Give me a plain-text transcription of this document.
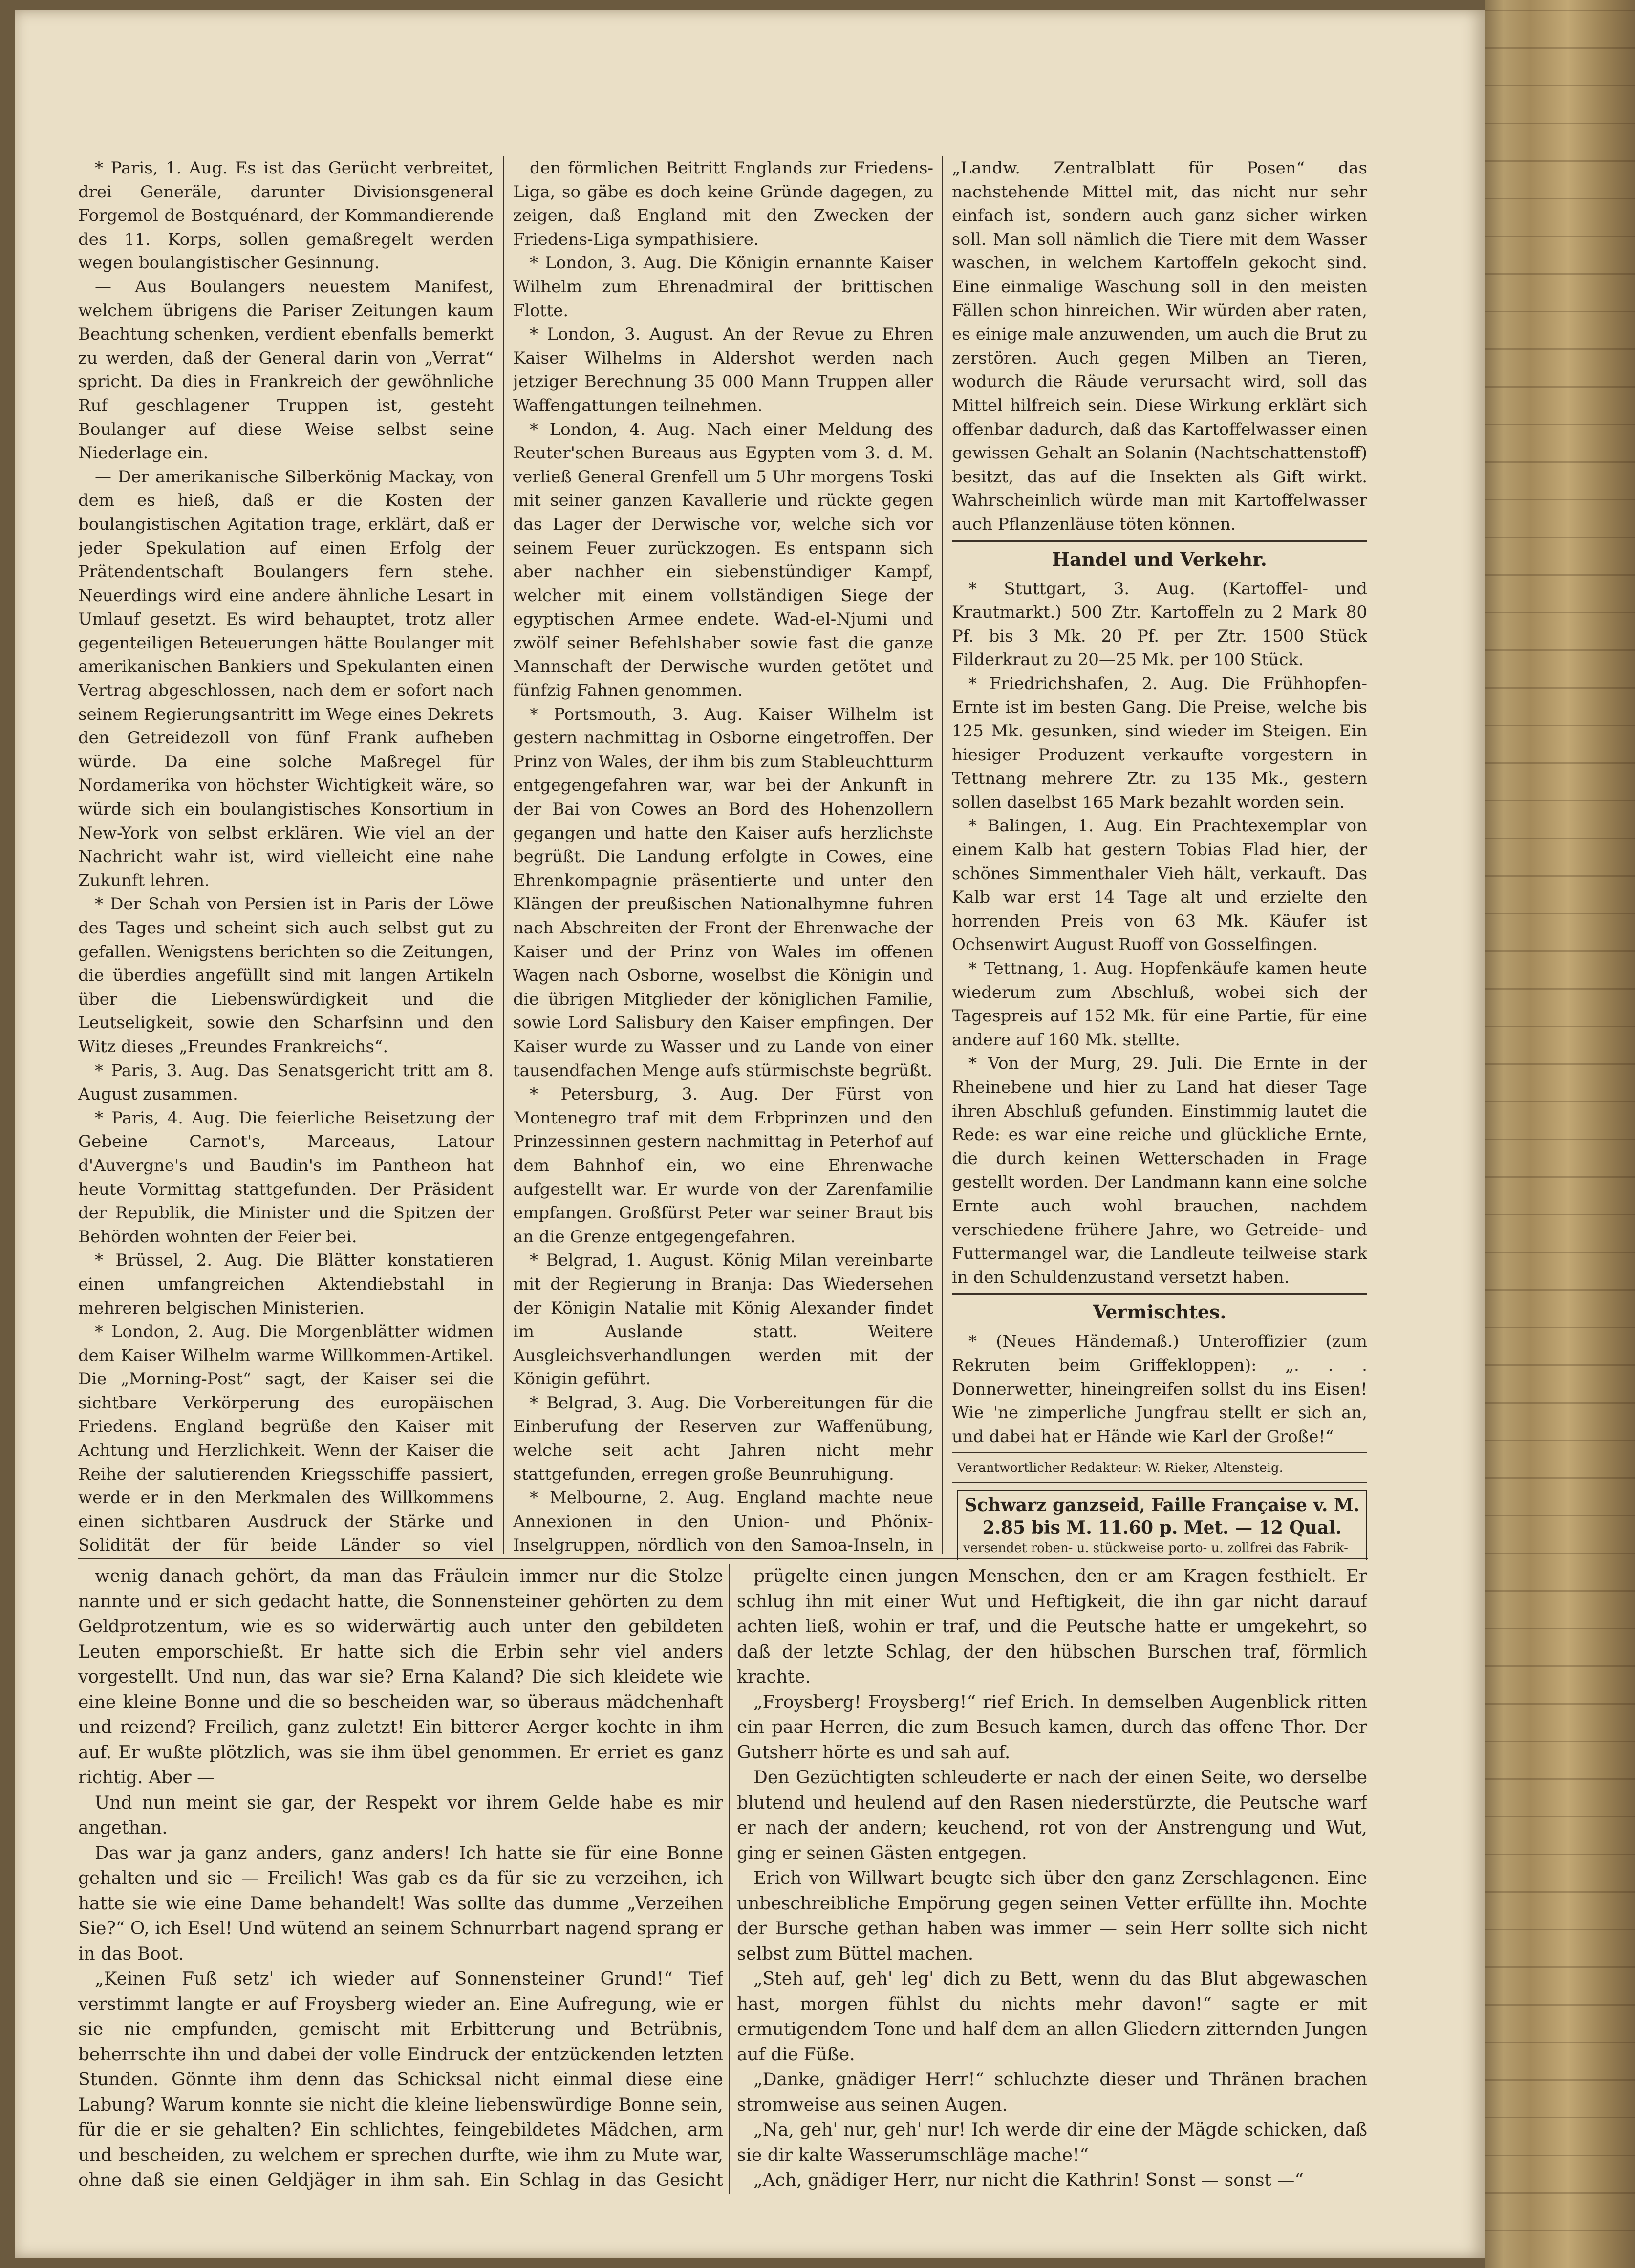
* Paris, 1. Aug. Es ist das Gerücht verbreitet, drei Generäle, darunter Divisionsgeneral Forgemol de Bostquénard, der Kommandierende des 11. Korps, sollen gemaßregelt werden wegen boulangistischer Gesinnung.

— Aus Boulangers neuestem Manifest, welchem übrigens die Pariser Zeitungen kaum Beachtung schenken, verdient ebenfalls bemerkt zu werden, daß der General darin von „Verrat“ spricht. Da dies in Frankreich der gewöhnliche Ruf geschlagener Truppen ist, gesteht Boulanger auf diese Weise selbst seine Niederlage ein.

— Der amerikanische Silberkönig Mackay, von dem es hieß, daß er die Kosten der boulangistischen Agitation trage, erklärt, daß er jeder Spekulation auf einen Erfolg der Prätendentschaft Boulangers fern stehe. Neuerdings wird eine andere ähnliche Lesart in Umlauf gesetzt. Es wird behauptet, trotz aller gegenteiligen Beteuerungen hätte Boulanger mit amerikanischen Bankiers und Spekulanten einen Vertrag abgeschlossen, nach dem er sofort nach seinem Regierungsantritt im Wege eines Dekrets den Getreidezoll von fünf Frank aufheben würde. Da eine solche Maßregel für Nordamerika von höchster Wichtigkeit wäre, so würde sich ein boulangistisches Konsortium in New-York von selbst erklären. Wie viel an der Nachricht wahr ist, wird vielleicht eine nahe Zukunft lehren.

* Der Schah von Persien ist in Paris der Löwe des Tages und scheint sich auch selbst gut zu gefallen. Wenigstens berichten so die Zeitungen, die überdies angefüllt sind mit langen Artikeln über die Liebenswürdigkeit und die Leutseligkeit, sowie den Scharfsinn und den Witz dieses „Freundes Frankreichs“.

* Paris, 3. Aug. Das Senatsgericht tritt am 8. August zusammen.

* Paris, 4. Aug. Die feierliche Beisetzung der Gebeine Carnot's, Marceaus, Latour d'Auvergne's und Baudin's im Pantheon hat heute Vormittag stattgefunden. Der Präsident der Republik, die Minister und die Spitzen der Behörden wohnten der Feier bei.

* Brüssel, 2. Aug. Die Blätter konstatieren einen umfangreichen Aktendiebstahl in mehreren belgischen Ministerien.

* London, 2. Aug. Die Morgenblätter widmen dem Kaiser Wilhelm warme Willkommen-Artikel. Die „Morning-Post“ sagt, der Kaiser sei die sichtbare Verkörperung des europäischen Friedens. England begrüße den Kaiser mit Achtung und Herzlichkeit. Wenn der Kaiser die Reihe der salutierenden Kriegsschiffe passiert, werde er in den Merkmalen des Willkommens einen sichtbaren Ausdruck der Stärke und Solidität der für beide Länder so viel

den förmlichen Beitritt Englands zur Friedens-Liga, so gäbe es doch keine Gründe dagegen, zu zeigen, daß England mit den Zwecken der Friedens-Liga sympathisiere.

* London, 3. Aug. Die Königin ernannte Kaiser Wilhelm zum Ehrenadmiral der brittischen Flotte.

* London, 3. August. An der Revue zu Ehren Kaiser Wilhelms in Aldershot werden nach jetziger Berechnung 35 000 Mann Truppen aller Waffengattungen teilnehmen.

* London, 4. Aug. Nach einer Meldung des Reuter'schen Bureaus aus Egypten vom 3. d. M. verließ General Grenfell um 5 Uhr morgens Toski mit seiner ganzen Kavallerie und rückte gegen das Lager der Derwische vor, welche sich vor seinem Feuer zurückzogen. Es entspann sich aber nachher ein siebenstündiger Kampf, welcher mit einem vollständigen Siege der egyptischen Armee endete. Wad-el-Njumi und zwölf seiner Befehlshaber sowie fast die ganze Mannschaft der Derwische wurden getötet und fünfzig Fahnen genommen.

* Portsmouth, 3. Aug. Kaiser Wilhelm ist gestern nachmittag in Osborne eingetroffen. Der Prinz von Wales, der ihm bis zum Stableuchtturm entgegengefahren war, war bei der Ankunft in der Bai von Cowes an Bord des Hohenzollern gegangen und hatte den Kaiser aufs herzlichste begrüßt. Die Landung erfolgte in Cowes, eine Ehrenkompagnie präsentierte und unter den Klängen der preußischen Nationalhymne fuhren nach Abschreiten der Front der Ehrenwache der Kaiser und der Prinz von Wales im offenen Wagen nach Osborne, woselbst die Königin und die übrigen Mitglieder der königlichen Familie, sowie Lord Salisbury den Kaiser empfingen. Der Kaiser wurde zu Wasser und zu Lande von einer tausendfachen Menge aufs stürmischste begrüßt.

* Petersburg, 3. Aug. Der Fürst von Montenegro traf mit dem Erbprinzen und den Prinzessinnen gestern nachmittag in Peterhof auf dem Bahnhof ein, wo eine Ehrenwache aufgestellt war. Er wurde von der Zarenfamilie empfangen. Großfürst Peter war seiner Braut bis an die Grenze entgegengefahren.

* Belgrad, 1. August. König Milan vereinbarte mit der Regierung in Branja: Das Wiedersehen der Königin Natalie mit König Alexander findet im Auslande statt. Weitere Ausgleichsverhandlungen werden mit der Königin geführt.

* Belgrad, 3. Aug. Die Vorbereitungen für die Einberufung der Reserven zur Waffenübung, welche seit acht Jahren nicht mehr stattgefunden, erregen große Beunruhigung.

* Melbourne, 2. Aug. England machte neue Annexionen in den Union- und Phönix-Inselgruppen, nördlich von den Samoa-Inseln, in

„Landw. Zentralblatt für Posen“ das nachstehende Mittel mit, das nicht nur sehr einfach ist, sondern auch ganz sicher wirken soll. Man soll nämlich die Tiere mit dem Wasser waschen, in welchem Kartoffeln gekocht sind. Eine einmalige Waschung soll in den meisten Fällen schon hinreichen. Wir würden aber raten, es einige male anzuwenden, um auch die Brut zu zerstören. Auch gegen Milben an Tieren, wodurch die Räude verursacht wird, soll das Mittel hilfreich sein. Diese Wirkung erklärt sich offenbar dadurch, daß das Kartoffelwasser einen gewissen Gehalt an Solanin (Nachtschattenstoff) besitzt, das auf die Insekten als Gift wirkt. Wahrscheinlich würde man mit Kartoffelwasser auch Pflanzenläuse töten können.

Handel und Verkehr.

* Stuttgart, 3. Aug. (Kartoffel- und Krautmarkt.) 500 Ztr. Kartoffeln zu 2 Mark 80 Pf. bis 3 Mk. 20 Pf. per Ztr. 1500 Stück Filderkraut zu 20—25 Mk. per 100 Stück.

* Friedrichshafen, 2. Aug. Die Frühhopfen-Ernte ist im besten Gang. Die Preise, welche bis 125 Mk. gesunken, sind wieder im Steigen. Ein hiesiger Produzent verkaufte vorgestern in Tettnang mehrere Ztr. zu 135 Mk., gestern sollen daselbst 165 Mark bezahlt worden sein.

* Balingen, 1. Aug. Ein Prachtexemplar von einem Kalb hat gestern Tobias Flad hier, der schönes Simmenthaler Vieh hält, verkauft. Das Kalb war erst 14 Tage alt und erzielte den horrenden Preis von 63 Mk. Käufer ist Ochsenwirt August Ruoff von Gosselfingen.

* Tettnang, 1. Aug. Hopfenkäufe kamen heute wiederum zum Abschluß, wobei sich der Tagespreis auf 152 Mk. für eine Partie, für eine andere auf 160 Mk. stellte.

* Von der Murg, 29. Juli. Die Ernte in der Rheinebene und hier zu Land hat dieser Tage ihren Abschluß gefunden. Einstimmig lautet die Rede: es war eine reiche und glückliche Ernte, die durch keinen Wetterschaden in Frage gestellt worden. Der Landmann kann eine solche Ernte auch wohl brauchen, nachdem verschiedene frühere Jahre, wo Getreide- und Futtermangel war, die Landleute teilweise stark in den Schuldenzustand versetzt haben.

Vermischtes.

* (Neues Händemaß.) Unteroffizier (zum Rekruten beim Griffekloppen): „. . . Donnerwetter, hineingreifen sollst du ins Eisen! Wie 'ne zimperliche Jungfrau stellt er sich an, und dabei hat er Hände wie Karl der Große!“

Verantwortlicher Redakteur: W. Rieker, Altensteig.

Schwarz ganzseid, Faille Française v. M. 2.85 bis M. 11.60 p. Met. — 12 Qual.
versendet roben- u. stückweise porto- u. zollfrei das Fabrik-

wenig danach gehört, da man das Fräulein immer nur die Stolze nannte und er sich gedacht hatte, die Sonnensteiner gehörten zu dem Geldprotzentum, wie es so widerwärtig auch unter den gebildeten Leuten emporschießt. Er hatte sich die Erbin sehr viel anders vorgestellt. Und nun, das war sie? Erna Kaland? Die sich kleidete wie eine kleine Bonne und die so bescheiden war, so überaus mädchenhaft und reizend? Freilich, ganz zuletzt! Ein bitterer Aerger kochte in ihm auf. Er wußte plötzlich, was sie ihm übel genommen. Er erriet es ganz richtig. Aber —

Und nun meint sie gar, der Respekt vor ihrem Gelde habe es mir angethan.

Das war ja ganz anders, ganz anders! Ich hatte sie für eine Bonne gehalten und sie — Freilich! Was gab es da für sie zu verzeihen, ich hatte sie wie eine Dame behandelt! Was sollte das dumme „Verzeihen Sie?“ O, ich Esel! Und wütend an seinem Schnurrbart nagend sprang er in das Boot.

„Keinen Fuß setz' ich wieder auf Sonnensteiner Grund!“ Tief verstimmt langte er auf Froysberg wieder an. Eine Aufregung, wie er sie nie empfunden, gemischt mit Erbitterung und Betrübnis, beherrschte ihn und dabei der volle Eindruck der entzückenden letzten Stunden. Gönnte ihm denn das Schicksal nicht einmal diese eine Labung? Warum konnte sie nicht die kleine liebenswürdige Bonne sein, für die er sie gehalten? Ein schlichtes, feingebildetes Mädchen, arm und bescheiden, zu welchem er sprechen durfte, wie ihm zu Mute war, ohne daß sie einen Geldjäger in ihm sah. Ein Schlag in das Gesicht

prügelte einen jungen Menschen, den er am Kragen festhielt. Er schlug ihn mit einer Wut und Heftigkeit, die ihn gar nicht darauf achten ließ, wohin er traf, und die Peutsche hatte er umgekehrt, so daß der letzte Schlag, der den hübschen Burschen traf, förmlich krachte.

„Froysberg! Froysberg!“ rief Erich. In demselben Augenblick ritten ein paar Herren, die zum Besuch kamen, durch das offene Thor. Der Gutsherr hörte es und sah auf.

Den Gezüchtigten schleuderte er nach der einen Seite, wo derselbe blutend und heulend auf den Rasen niederstürzte, die Peutsche warf er nach der andern; keuchend, rot von der Anstrengung und Wut, ging er seinen Gästen entgegen.

Erich von Willwart beugte sich über den ganz Zerschlagenen. Eine unbeschreibliche Empörung gegen seinen Vetter erfüllte ihn. Mochte der Bursche gethan haben was immer — sein Herr sollte sich nicht selbst zum Büttel machen.

„Steh auf, geh' leg' dich zu Bett, wenn du das Blut abgewaschen hast, morgen fühlst du nichts mehr davon!“ sagte er mit ermutigendem Tone und half dem an allen Gliedern zitternden Jungen auf die Füße.

„Danke, gnädiger Herr!“ schluchzte dieser und Thränen brachen stromweise aus seinen Augen.

„Na, geh' nur, geh' nur! Ich werde dir eine der Mägde schicken, daß sie dir kalte Wasserumschläge mache!“

„Ach, gnädiger Herr, nur nicht die Kathrin! Sonst — sonst —“
